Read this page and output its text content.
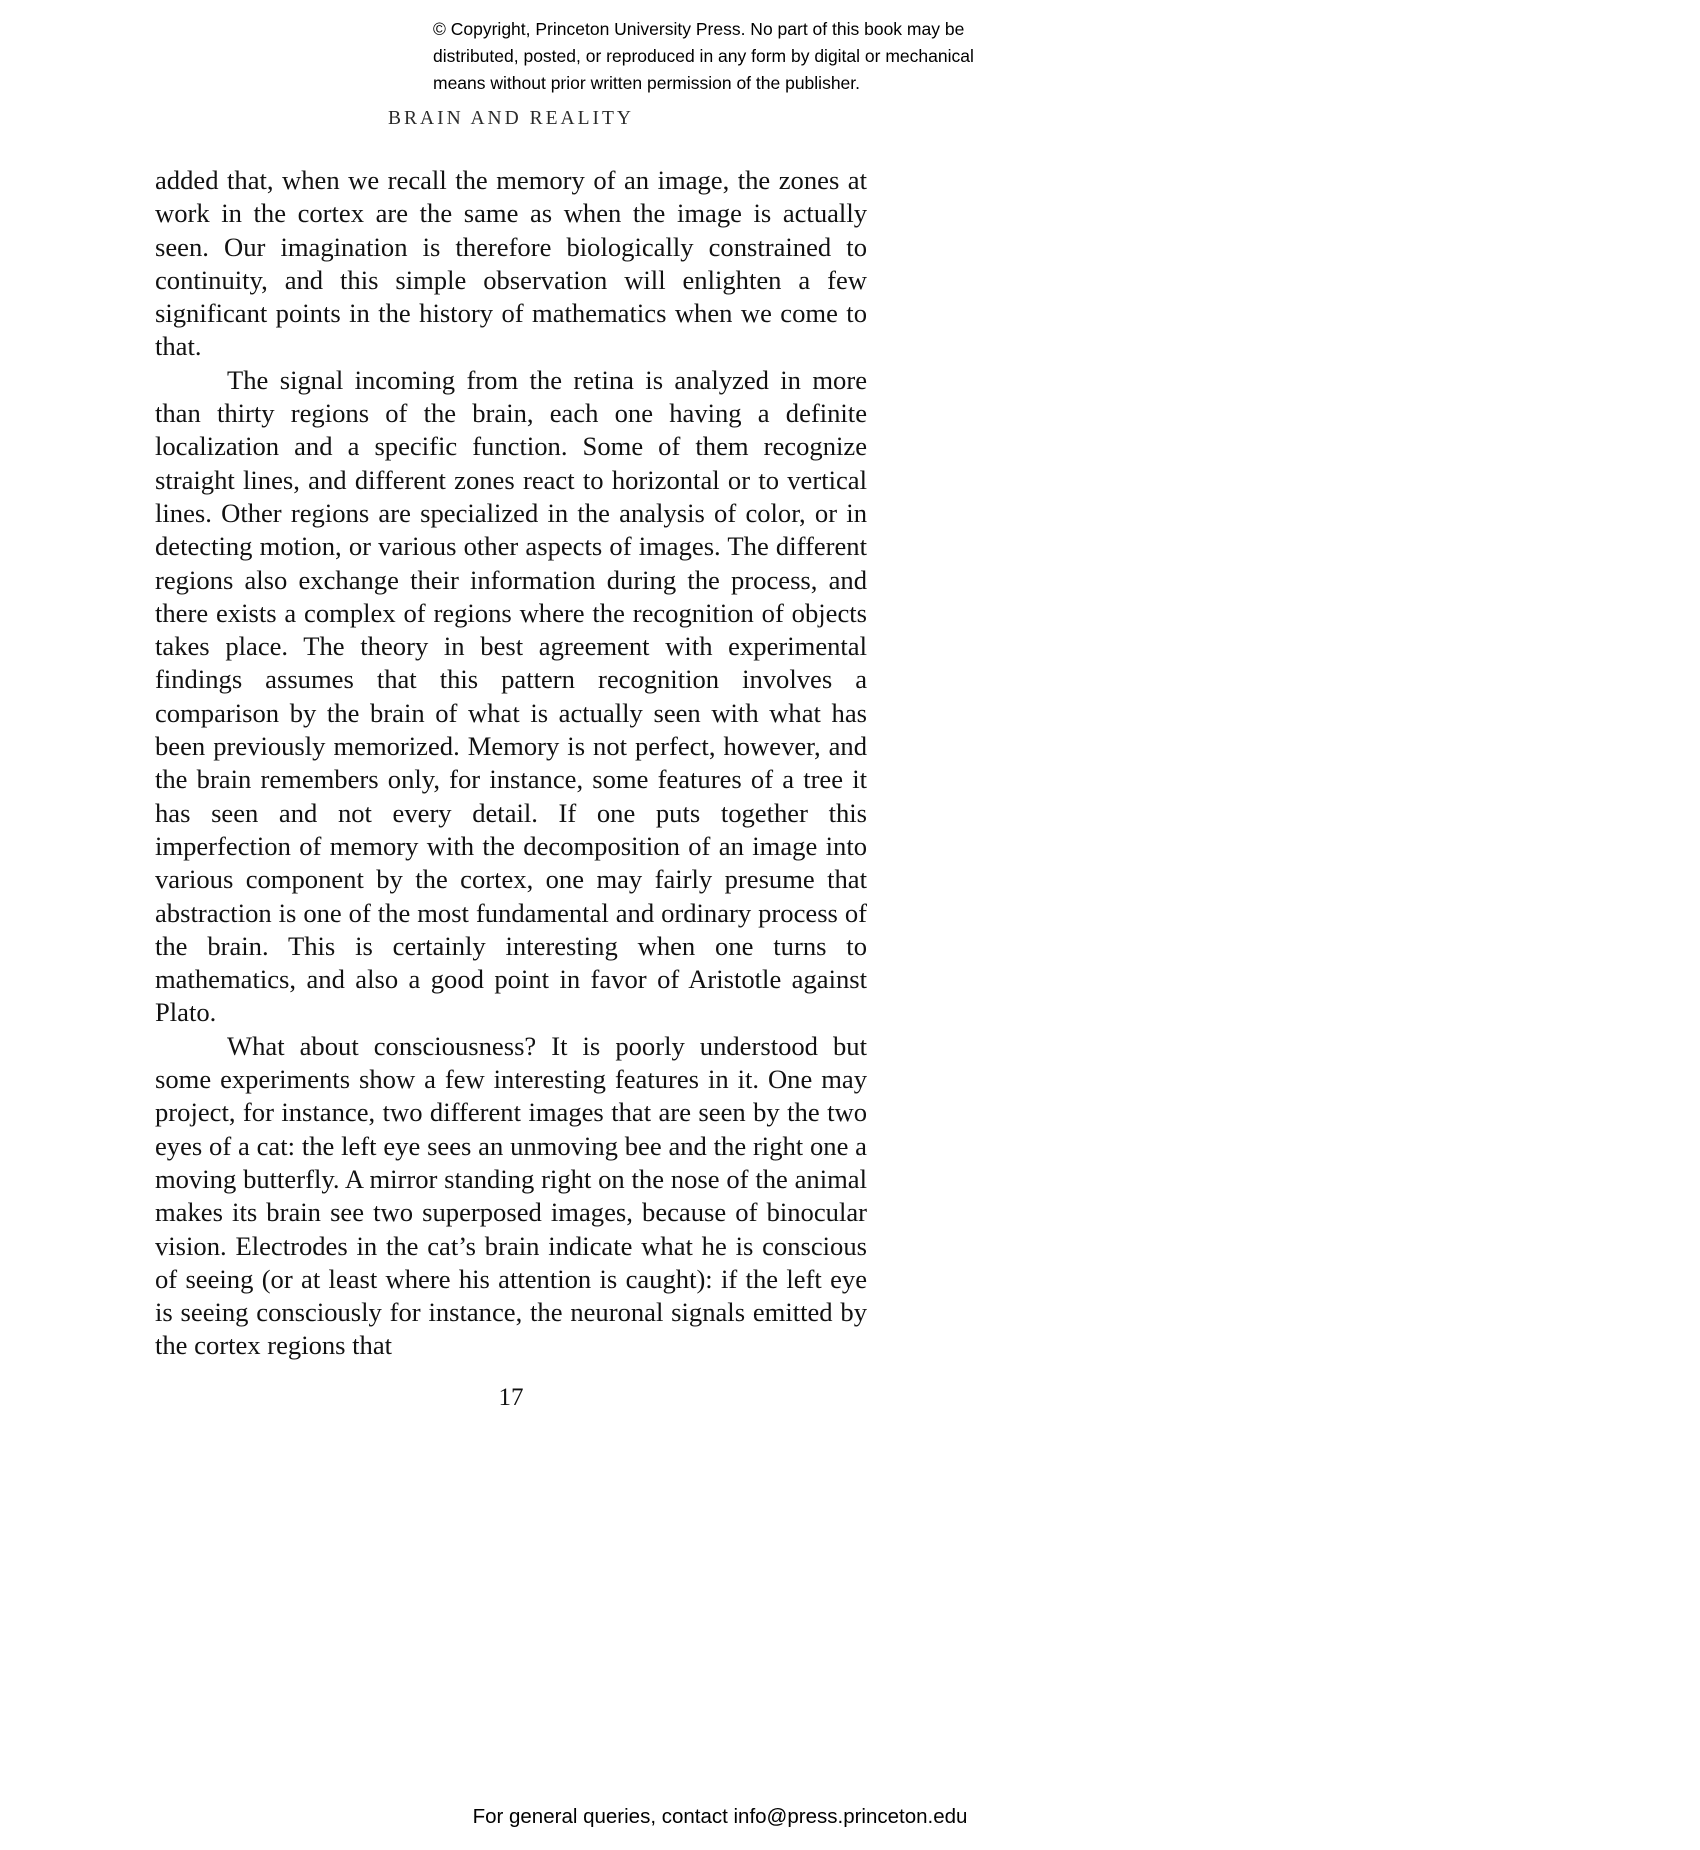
© Copyright, Princeton University Press. No part of this book may be
distributed, posted, or reproduced in any form by digital or mechanical
means without prior written permission of the publisher.
BRAIN AND REALITY

added that, when we recall the memory of an image, the zones at work in the cortex are the same as when the image is actually seen. Our imagination is therefore biologically constrained to continuity, and this simple observation will enlighten a few significant points in the history of mathematics when we come to that.

The signal incoming from the retina is analyzed in more than thirty regions of the brain, each one having a definite localization and a specific function. Some of them recognize straight lines, and different zones react to horizontal or to vertical lines. Other regions are specialized in the analysis of color, or in detecting motion, or various other aspects of images. The different regions also exchange their information during the process, and there exists a complex of regions where the recognition of objects takes place. The theory in best agreement with experimental findings assumes that this pattern recognition involves a comparison by the brain of what is actually seen with what has been previously memorized. Memory is not perfect, however, and the brain remembers only, for instance, some features of a tree it has seen and not every detail. If one puts together this imperfection of memory with the decomposition of an image into various component by the cortex, one may fairly presume that abstraction is one of the most fundamental and ordinary process of the brain. This is certainly interesting when one turns to mathematics, and also a good point in favor of Aristotle against Plato.

What about consciousness? It is poorly understood but some experiments show a few interesting features in it. One may project, for instance, two different images that are seen by the two eyes of a cat: the left eye sees an unmoving bee and the right one a moving butterfly. A mirror standing right on the nose of the animal makes its brain see two superposed images, because of binocular vision. Electrodes in the cat’s brain indicate what he is conscious of seeing (or at least where his attention is caught): if the left eye is seeing consciously for instance, the neuronal signals emitted by the cortex regions that

17
For general queries, contact info@press.princeton.edu
